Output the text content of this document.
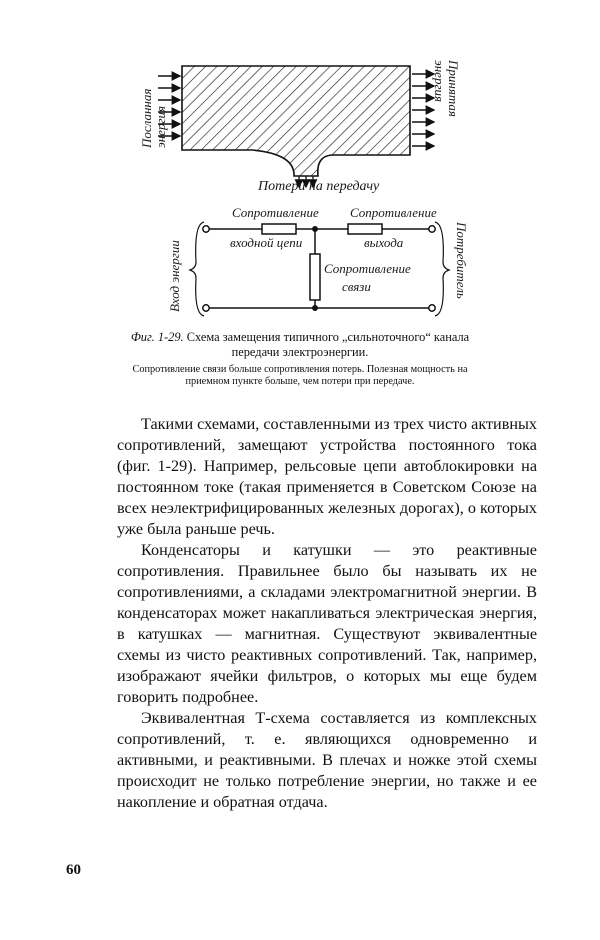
Посланная энергия
Принятая энергия
Потери на передачу
Сопротивление
входной цепи
Сопротивление
выхода
Сопротивление
связи
Вход энергии	Потребитель
Фиг. 1-29. Схема замещения типичного „сильноточного“ канала передачи электроэнергии.
Сопротивление связи больше сопротивления потерь. Полезная мощность на приемном пункте больше, чем потери при передаче.

Такими схемами, составленными из трех чисто активных сопротивлений, замещают устройства постоянного тока (фиг. 1-29). Например, рельсовые цепи автоблокировки на постоянном токе (такая применяется в Советском Союзе на всех неэлектрифицированных железных дорогах), о которых уже была раньше речь.

Конденсаторы и катушки — это реактивные сопротивления. Правильнее было бы называть их не сопротивлениями, а складами электромагнитной энергии. В конденсаторах может накапливаться электрическая энергия, в катушках — магнитная. Существуют эквивалентные схемы из чисто реактивных сопротивлений. Так, например, изображают ячейки фильтров, о которых мы еще будем говорить подробнее.

Эквивалентная Т-схема составляется из комплексных сопротивлений, т. е. являющихся одновременно и активными, и реактивными. В плечах и ножке этой схемы происходит не только потребление энергии, но также и ее накопление и обратная отдача.

60
